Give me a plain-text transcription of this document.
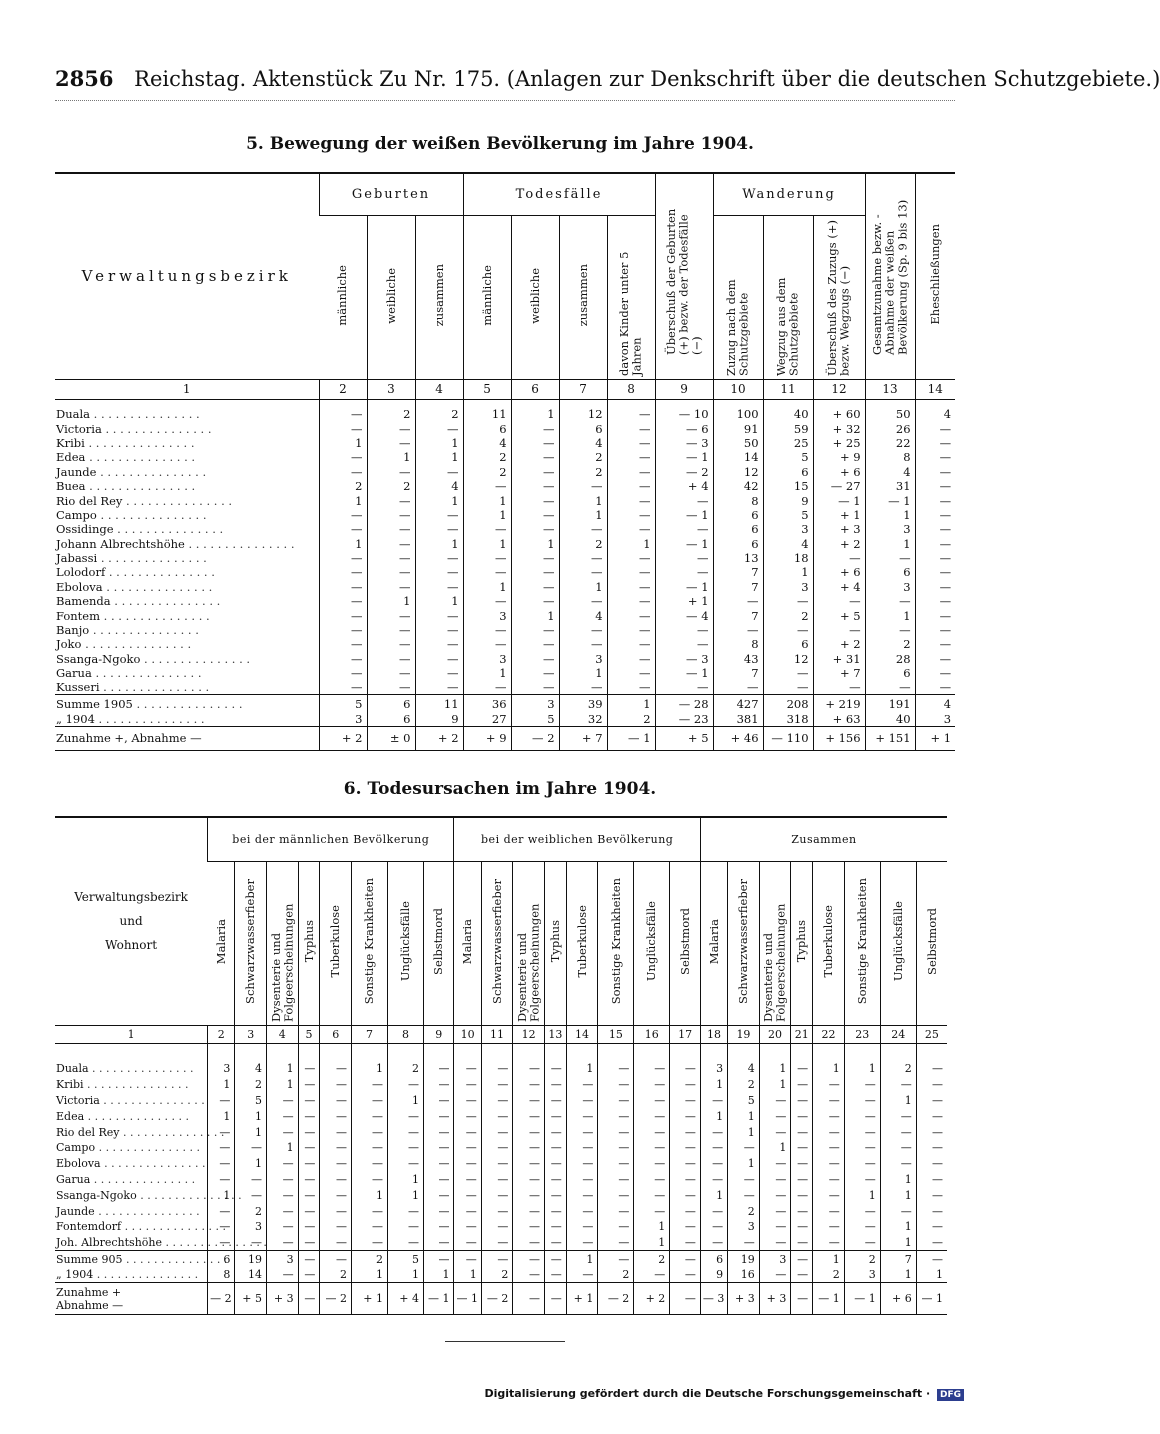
2856 Reichstag. Aktenstück Zu Nr. 175. (Anlagen zur Denkschrift über die deutschen Schutzgebiete.)
5. Bewegung der weißen Bevölkerung im Jahre 1904.
Verwaltungsbezirk	Geburten			Todesfälle				Überschuß der Geburten (+) bezw. der Todesfälle (−)	Wanderung			Gesamtzunahme bezw. -Abnahme der weißen Bevölkerung (Sp. 9 bis 13)	Eheschließungen
	männliche	weibliche	zusammen	männliche	weibliche	zusammen	davon Kinder unter 5 Jahren		Zuzug nach dem Schutzgebiete	Wegzug aus dem Schutzgebiete	Überschuß des Zuzugs (+) bezw. Wegzugs (−)		
1	2	3	4	5	6	7	8	9	10	11	12	13	14

Duala . . .	—	2	2	11	1	12	—	— 10	100	40	+ 60	50	4
Victoria . . .	—	—	—	6	—	6	—	— 6	91	59	+ 32	26	—
Kribi . . .	1	—	1	4	—	4	—	— 3	50	25	+ 25	22	—
Edea . . .	—	1	1	2	—	2	—	— 1	14	5	+ 9	8	—
Jaunde . . .	—	—	—	2	—	2	—	— 2	12	6	+ 6	4	—
Buea . . .	2	2	4	—	—	—	—	+ 4	42	15	— 27	31	—
Rio del Rey . . .	1	—	1	1	—	1	—	—	8	9	— 1	— 1	—
Campo . . .	—	—	—	1	—	1	—	— 1	6	5	+ 1	1	—
Ossidinge . . .	—	—	—	—	—	—	—	—	6	3	+ 3	3	—
Johann Albrechtshöhe . . .	1	—	1	1	1	2	1	— 1	6	4	+ 2	1	—
Jabassi . . .	—	—	—	—	—	—	—	—	13	18	—	—	—
Lolodorf . . .	—	—	—	—	—	—	—	—	7	1	+ 6	6	—
Ebolova . . .	—	—	—	1	—	1	—	— 1	7	3	+ 4	3	—
Bamenda . . .	—	1	1	—	—	—	—	+ 1	—	—	—	—	—
Fontem . . .	—	—	—	3	1	4	—	— 4	7	2	+ 5	1	—
Banjo . . .	—	—	—	—	—	—	—	—	—	—	—	—	—
Joko . . .	—	—	—	—	—	—	—	—	8	6	+ 2	2	—
Ssanga-Ngoko . . .	—	—	—	3	—	3	—	— 3	43	12	+ 31	28	—
Garua . . .	—	—	—	1	—	1	—	— 1	7	—	+ 7	6	—
Kusseri . . .	—	—	—	—	—	—	—	—	—	—	—	—	—
Summe 1905 . . .	5	6	11	36	3	39	1	— 28	427	208	+ 219	191	4
„ 1904 . . .	3	6	9	27	5	32	2	— 23	381	318	+ 63	40	3
Zunahme +, Abnahme —	+ 2	± 0	+ 2	+ 9	— 2	+ 7	— 1	+ 5	+ 46	— 110	+ 156	+ 151	+ 1
6. Todesursachen im Jahre 1904.
Verwaltungsbezirk
und
Wohnort	bei der männlichen Bevölkerung								bei der weiblichen Bevölkerung								Zusammen							
	Malaria	Schwarzwasserfieber	Dysenterie und Folgeerscheinungen	Typhus	Tuberkulose	Sonstige Krankheiten	Unglücksfälle	Selbstmord	Malaria	Schwarzwasserfieber	Dysenterie und Folgeerscheinungen	Typhus	Tuberkulose	Sonstige Krankheiten	Unglücksfälle	Selbstmord	Malaria	Schwarzwasserfieber	Dysenterie und Folgeerscheinungen	Typhus	Tuberkulose	Sonstige Krankheiten	Unglücksfälle	Selbstmord
1	2	3	4	5	6	7	8	9	10	11	12	13	14	15	16	17	18	19	20	21	22	23	24	25

Duala . . .	3	4	1	—	—	1	2	—	—	—	—	—	1	—	—	—	3	4	1	—	1	1	2	—
Kribi . . .	1	2	1	—	—	—	—	—	—	—	—	—	—	—	—	—	1	2	1	—	—	—	—	—
Victoria . . .	—	5	—	—	—	—	1	—	—	—	—	—	—	—	—	—	—	5	—	—	—	—	1	—
Edea . . .	1	1	—	—	—	—	—	—	—	—	—	—	—	—	—	—	1	1	—	—	—	—	—	—
Rio del Rey . . .	—	1	—	—	—	—	—	—	—	—	—	—	—	—	—	—	—	1	—	—	—	—	—	—
Campo . . .	—	—	1	—	—	—	—	—	—	—	—	—	—	—	—	—	—	—	1	—	—	—	—	—
Ebolova . . .	—	1	—	—	—	—	—	—	—	—	—	—	—	—	—	—	—	1	—	—	—	—	—	—
Garua . . .	—	—	—	—	—	—	1	—	—	—	—	—	—	—	—	—	—	—	—	—	—	—	1	—
Ssanga-Ngoko . . .	1	—	—	—	—	1	1	—	—	—	—	—	—	—	—	—	1	—	—	—	—	1	1	—
Jaunde . . .	—	2	—	—	—	—	—	—	—	—	—	—	—	—	—	—	—	2	—	—	—	—	—	—
Fontemdorf . . .	—	3	—	—	—	—	—	—	—	—	—	—	—	—	1	—	—	3	—	—	—	—	1	—
Joh. Albrechtshöhe . . .	—	—	—	—	—	—	—	—	—	—	—	—	—	—	1	—	—	—	—	—	—	—	1	—
Summe 905 . . .	6	19	3	—	—	2	5	—	—	—	—	—	1	—	2	—	6	19	3	—	1	2	7	—
„ 1904 . . .	8	14	—	—	2	1	1	1	1	2	—	—	—	2	—	—	9	16	—	—	2	3	1	1

Zunahme +
Abnahme —	— 2	+ 5	+ 3	—	— 2	+ 1	+ 4	— 1	— 1	— 2	—	—	+ 1	— 2	+ 2	—	— 3	+ 3	+ 3	—	— 1	— 1	+ 6	— 1
Digitalisierung gefördert durch die Deutsche Forschungsgemeinschaft · DFG
